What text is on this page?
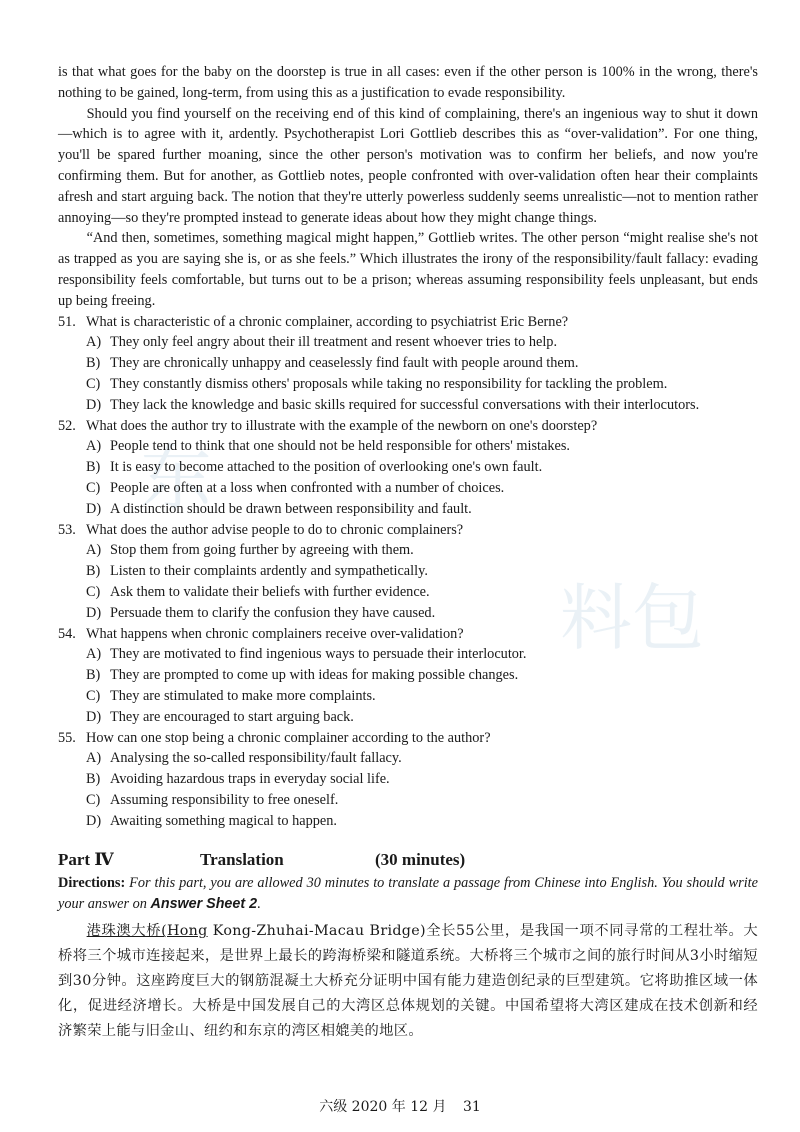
东
料包

is that what goes for the baby on the doorstep is true in all cases: even if the other person is 100% in the wrong, there's nothing to be gained, long-term, from using this as a justification to evade responsibility.

Should you find yourself on the receiving end of this kind of complaining, there's an ingenious way to shut it down—which is to agree with it, ardently. Psychotherapist Lori Gottlieb describes this as “over-validation”. For one thing, you'll be spared further moaning, since the other person's motivation was to confirm her beliefs, and now you're confirming them. But for another, as Gottlieb notes, people confronted with over-validation often hear their complaints afresh and start arguing back. The notion that they're utterly powerless suddenly seems unrealistic—not to mention rather annoying—so they're prompted instead to generate ideas about how they might change things.

“And then, sometimes, something magical might happen,” Gottlieb writes. The other person “might realise she's not as trapped as you are saying she is, or as she feels.” Which illustrates the irony of the responsibility/fault fallacy: evading responsibility feels comfortable, but turns out to be a prison; whereas assuming responsibility feels unpleasant, but ends up being freeing.

51. What is characteristic of a chronic complainer, according to psychiatrist Eric Berne?
A) They only feel angry about their ill treatment and resent whoever tries to help.
B) They are chronically unhappy and ceaselessly find fault with people around them.
C) They constantly dismiss others' proposals while taking no responsibility for tackling the problem.
D) They lack the knowledge and basic skills required for successful conversations with their interlocutors.
52. What does the author try to illustrate with the example of the newborn on one's doorstep?
A) People tend to think that one should not be held responsible for others' mistakes.
B) It is easy to become attached to the position of overlooking one's own fault.
C) People are often at a loss when confronted with a number of choices.
D) A distinction should be drawn between responsibility and fault.
53. What does the author advise people to do to chronic complainers?
A) Stop them from going further by agreeing with them.
B) Listen to their complaints ardently and sympathetically.
C) Ask them to validate their beliefs with further evidence.
D) Persuade them to clarify the confusion they have caused.
54. What happens when chronic complainers receive over-validation?
A) They are motivated to find ingenious ways to persuade their interlocutor.
B) They are prompted to come up with ideas for making possible changes.
C) They are stimulated to make more complaints.
D) They are encouraged to start arguing back.
55. How can one stop being a chronic complainer according to the author?
A) Analysing the so-called responsibility/fault fallacy.
B) Avoiding hazardous traps in everyday social life.
C) Assuming responsibility to free oneself.
D) Awaiting something magical to happen.
Part Ⅳ	Translation	(30 minutes)
Directions: For this part, you are allowed 30 minutes to translate a passage from Chinese into English. You should write your answer on Answer Sheet 2.
港珠澳大桥(Hong Kong-Zhuhai-Macau Bridge)全长55公里，是我国一项不同寻常的工程壮举。大桥将三个城市连接起来，是世界上最长的跨海桥梁和隧道系统。大桥将三个城市之间的旅行时间从3小时缩短到30分钟。这座跨度巨大的钢筋混凝土大桥充分证明中国有能力建造创纪录的巨型建筑。它将助推区域一体化，促进经济增长。大桥是中国发展自己的大湾区总体规划的关键。中国希望将大湾区建成在技术创新和经济繁荣上能与旧金山、纽约和东京的湾区相媲美的地区。
六级 2020 年 12 月 31
